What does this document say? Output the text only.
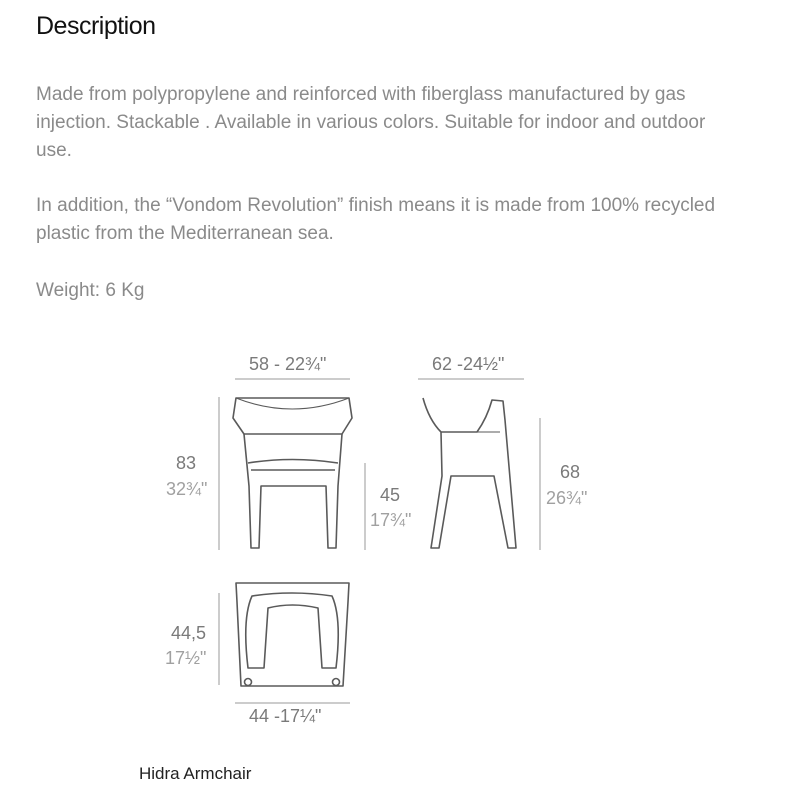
Description

Made from polypropylene and reinforced with fiberglass manufactured by gas injection. Stackable . Available in various colors. Suitable for indoor and outdoor use.

In addition, the “Vondom Revolution” finish means it is made from 100% recycled plastic from the Mediterranean sea.

Weight: 6 Kg

58 - 22¾"	62 -24½"
83
32¾"	45
17¾"
68
26¾"
44,5
17½"
44 -17¼"
Hidra Armchair
